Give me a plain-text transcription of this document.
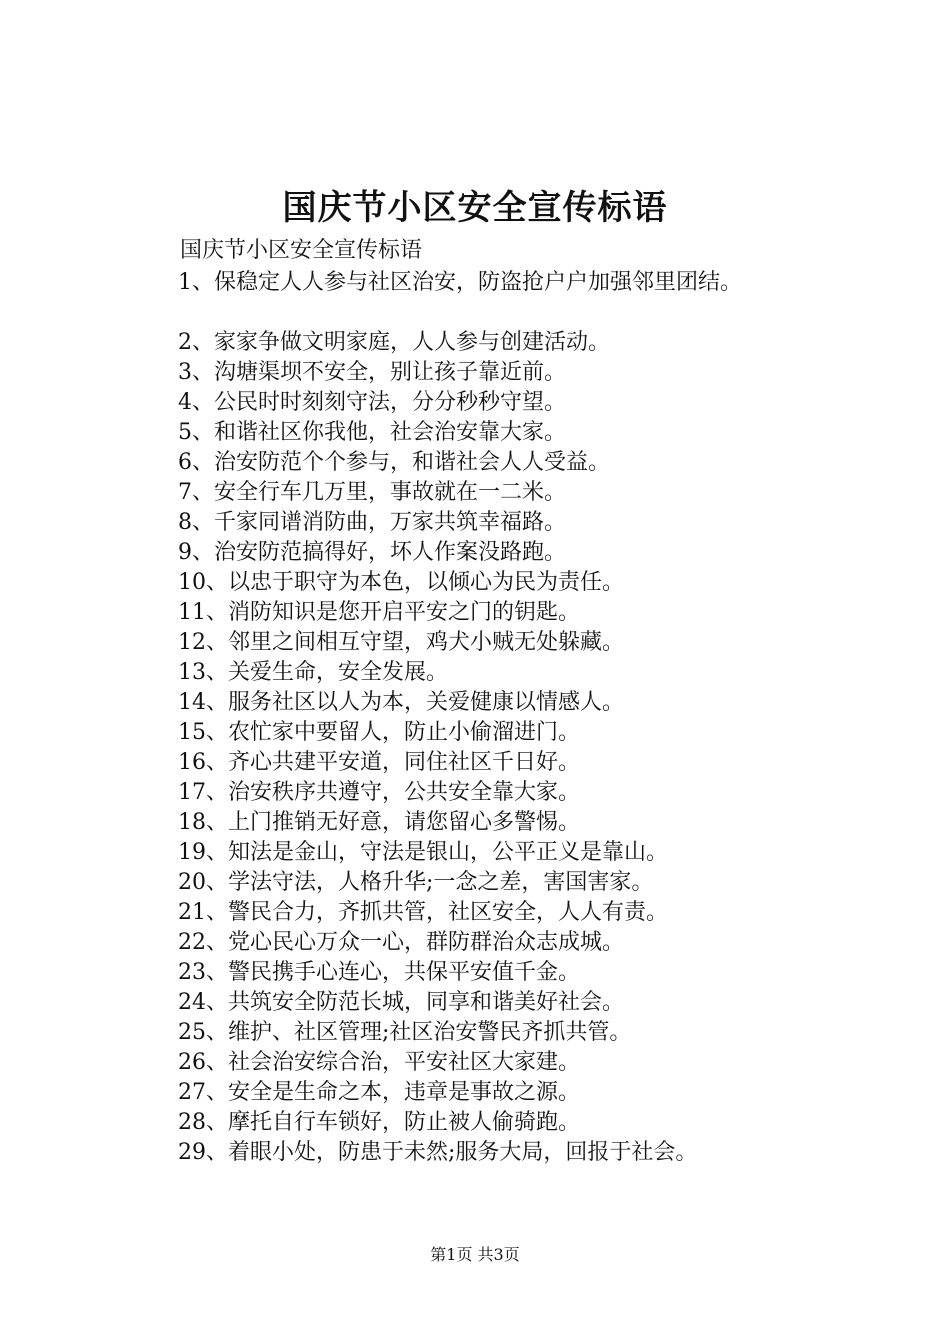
国庆节小区安全宣传标语

国庆节小区安全宣传标语

1、保稳定人人参与社区治安，防盗抢户户加强邻里团结。
2、家家争做文明家庭，人人参与创建活动。
3、沟塘渠坝不安全，别让孩子靠近前。
4、公民时时刻刻守法，分分秒秒守望。
5、和谐社区你我他，社会治安靠大家。
6、治安防范个个参与，和谐社会人人受益。
7、安全行车几万里，事故就在一二米。
8、千家同谱消防曲，万家共筑幸福路。
9、治安防范搞得好，坏人作案没路跑。
10、以忠于职守为本色，以倾心为民为责任。
11、消防知识是您开启平安之门的钥匙。
12、邻里之间相互守望，鸡犬小贼无处躲藏。
13、关爱生命，安全发展。
14、服务社区以人为本，关爱健康以情感人。
15、农忙家中要留人，防止小偷溜进门。
16、齐心共建平安道，同住社区千日好。
17、治安秩序共遵守，公共安全靠大家。
18、上门推销无好意，请您留心多警惕。
19、知法是金山，守法是银山，公平正义是靠山。
20、学法守法，人格升华;一念之差，害国害家。
21、警民合力，齐抓共管，社区安全，人人有责。
22、党心民心万众一心，群防群治众志成城。
23、警民携手心连心，共保平安值千金。
24、共筑安全防范长城，同享和谐美好社会。
25、维护、社区管理;社区治安警民齐抓共管。
26、社会治安综合治，平安社区大家建。
27、安全是生命之本，违章是事故之源。
28、摩托自行车锁好，防止被人偷骑跑。
29、着眼小处，防患于未然;服务大局，回报于社会。
第1页 共3页
